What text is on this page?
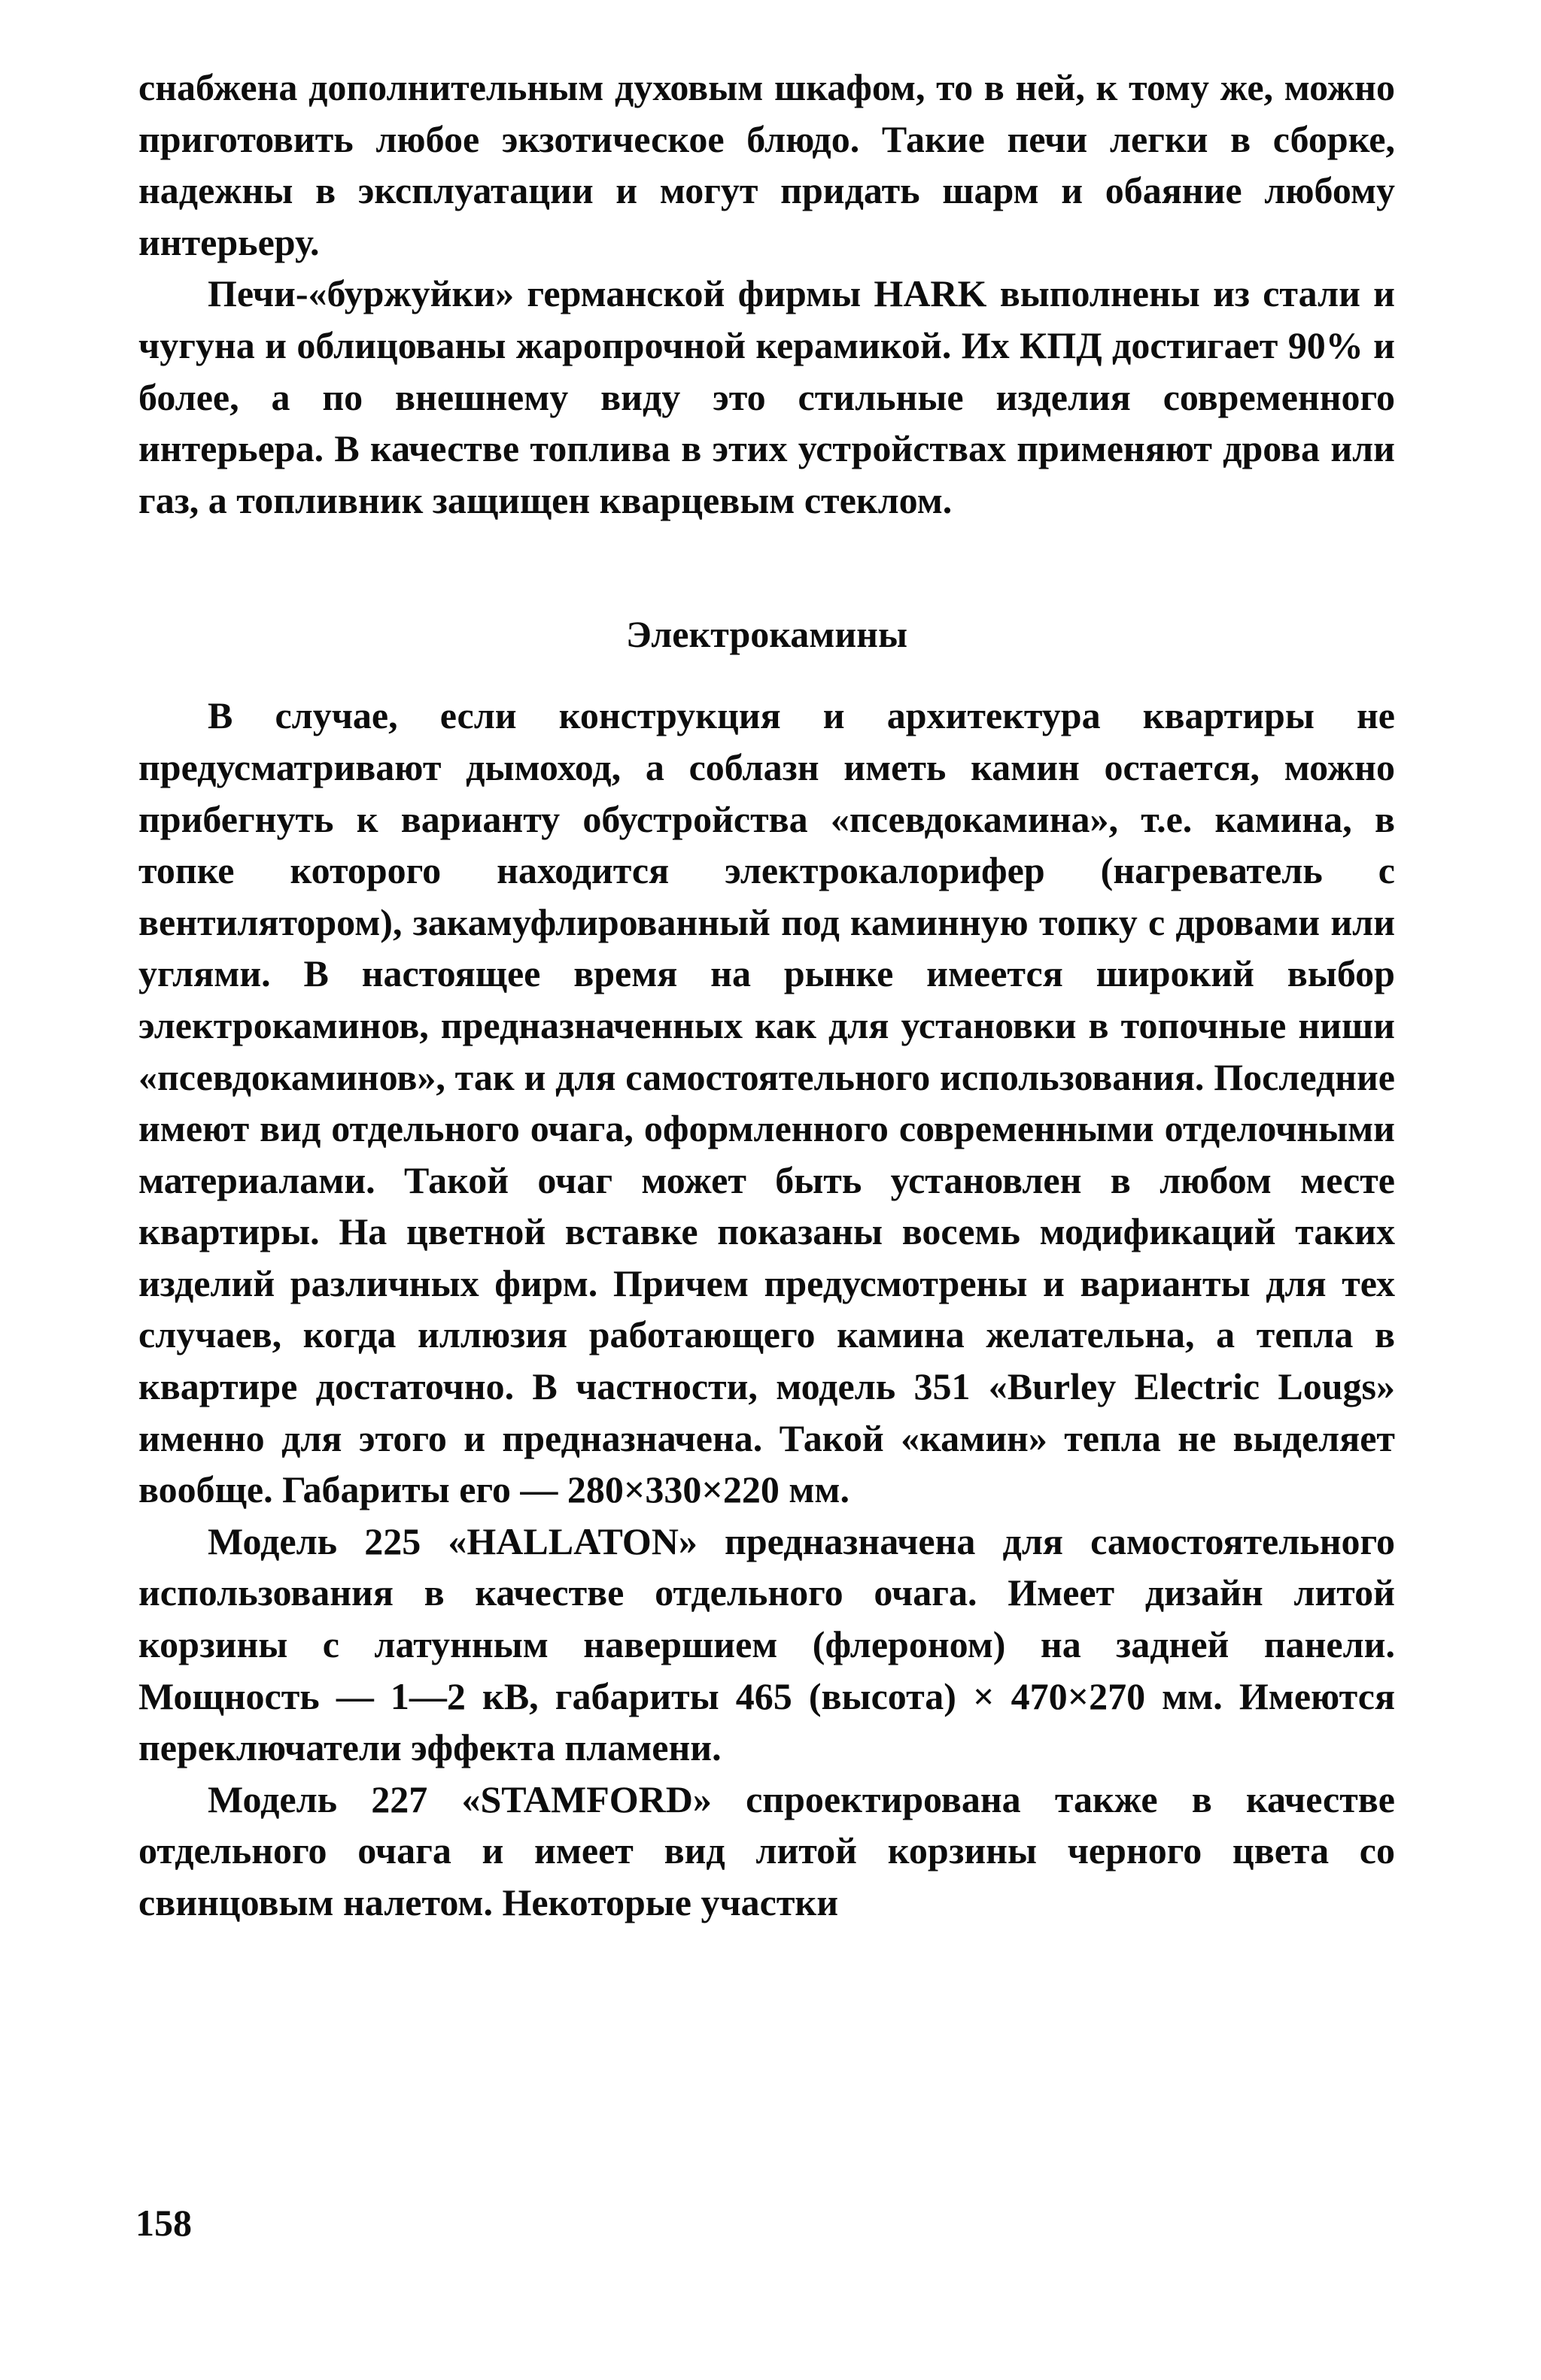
снабжена дополнительным духовым шкафом, то в ней, к тому же, можно приготовить любое экзотическое блюдо. Такие печи легки в сборке, надежны в эксплуатации и могут придать шарм и обаяние любому интерьеру.

Печи-«буржуйки» германской фирмы HARK выполнены из стали и чугуна и облицованы жаропрочной керамикой. Их КПД достигает 90% и более, а по внешнему виду это стильные изделия современного интерьера. В качестве топлива в этих устройствах применяют дрова или газ, а топливник защищен кварцевым стеклом.

Электрокамины

В случае, если конструкция и архитектура квартиры не предусматривают дымоход, а соблазн иметь камин остается, можно прибегнуть к варианту обустройства «псевдокамина», т.е. камина, в топке которого находится электрокалорифер (нагреватель с вентилятором), закамуфлированный под каминную топку с дровами или углями. В настоящее время на рынке имеется широкий выбор электрокаминов, предназначенных как для установки в топочные ниши «псевдокаминов», так и для самостоятельного использования. Последние имеют вид отдельного очага, оформленного современными отделочными материалами. Такой очаг может быть установлен в любом месте квартиры. На цветной вставке показаны восемь модификаций таких изделий различных фирм. Причем предусмотрены и варианты для тех случаев, когда иллюзия работающего камина желательна, а тепла в квартире достаточно. В частности, модель 351 «Burley Electric Lougs» именно для этого и предназначена. Такой «камин» тепла не выделяет вообще. Габариты его — 280×330×220 мм.

Модель 225 «HALLATON» предназначена для самостоятельного использования в качестве отдельного очага. Имеет дизайн литой корзины с латунным навершием (флероном) на задней панели. Мощность — 1—2 кВ, габариты 465 (высота) × 470×270 мм. Имеются переключатели эффекта пламени.

Модель 227 «STAMFORD» спроектирована также в качестве отдельного очага и имеет вид литой корзины черного цвета со свинцовым налетом. Некоторые участки

158
